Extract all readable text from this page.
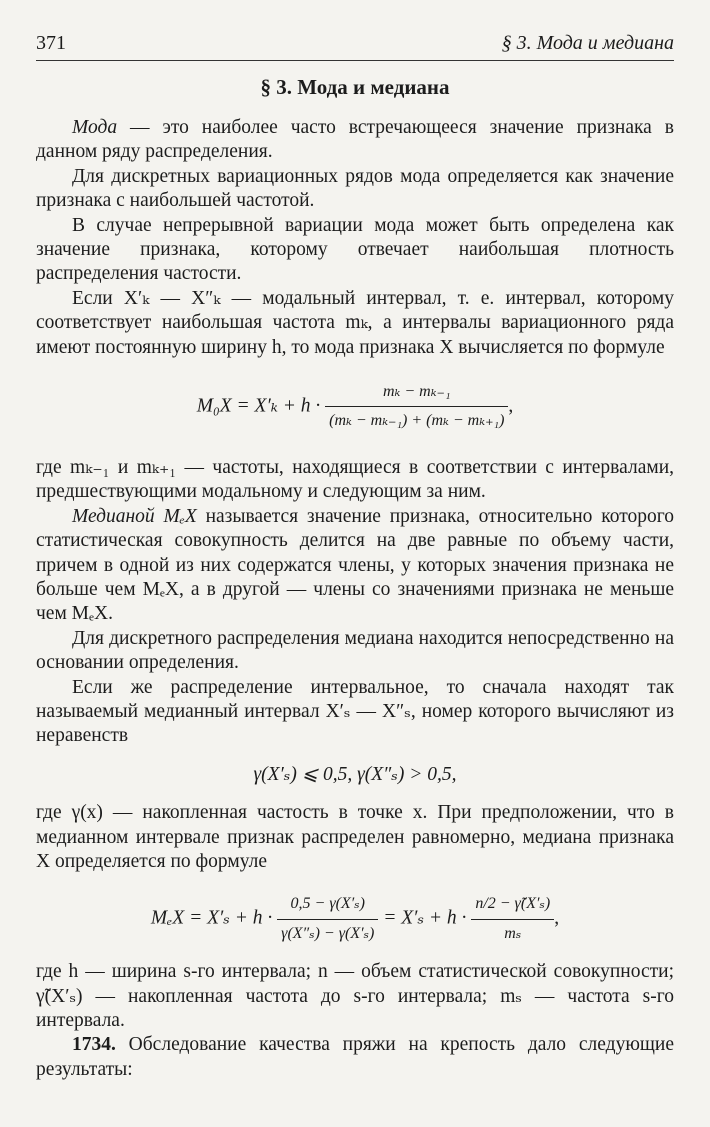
371	§ 3. Мода и медиана
§ 3. Мода и медиана

Мода — это наиболее часто встречающееся значение признака в данном ряду распределения.

Для дискретных вариационных рядов мода определяется как значение признака с наибольшей частотой.

В случае непрерывной вариации мода может быть определена как значение признака, которому отвечает наибольшая плотность распределения частости.

Если X′ₖ — X″ₖ — модальный интервал, т. е. интервал, которому соответствует наибольшая частота mₖ, а интервалы вариационного ряда имеют постоянную ширину h, то мода признака X вычисляется по формуле

$M_0X = X'_k + h \cdot \frac{\text{mₖ − mₖ₋₁}}{\text{(mₖ − mₖ₋₁) + (mₖ − mₖ₊₁)}}$ ,

где mₖ₋₁ и mₖ₊₁ — частоты, находящиеся в соответствии с интервалами, предшествующими модальному и следующим за ним.

Медианой MₑX называется значение признака, относительно которого статистическая совокупность делится на две равные по объему части, причем в одной из них содержатся члены, у которых значения признака не больше чем MₑX, а в другой — члены со значениями признака не меньше чем MₑX.

Для дискретного распределения медиана находится непосредственно на основании определения.

Если же распределение интервальное, то сначала находят так называемый медианный интервал X′ₛ — X″ₛ, номер которого вычисляют из неравенств

γ(X′ₛ) ⩽ 0,5, γ(X″ₛ) > 0,5,

где γ(x) — накопленная частость в точке x. При предположении, что в медианном интервале признак распределен равномерно, медиана признака X определяется по формуле

$M_eX = X'_s + h \cdot \frac{\text{0,5 − γ(X′ₛ)}}{\text{γ(X″ₛ) − γ(X′ₛ)}} = X'_s + h \cdot \frac{\text{n/2 − γ̃(X′ₛ)}}{\text{mₛ}}$ ,

где h — ширина s-го интервала; n — объем статистической совокупности; γ̃(X′ₛ) — накопленная частота до s-го интервала; mₛ — частота s-го интервала.

1734. Обследование качества пряжи на крепость дало следующие результаты:
